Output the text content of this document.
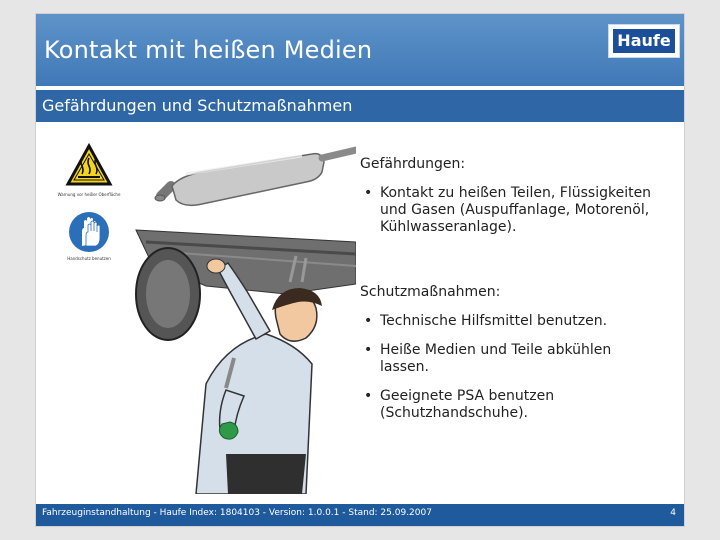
Kontakt mit heißen Medien
Gefährdungen und Schutzmaßnahmen
Warnung vor heißer Oberfläche
Handschutz benutzen
Gefährdungen:
• Kontakt zu heißen Teilen, Flüssigkeiten und Gasen (Auspuffanlage, Motorenöl, Kühlwasseranlage).
Schutzmaßnahmen:
• Technische Hilfsmittel benutzen.
• Heiße Medien und Teile abkühlen lassen.
• Geeignete PSA benutzen (Schutzhandschuhe).
Fahrzeuginstandhaltung - Haufe Index: 1804103 - Version: 1.0.0.1 - Stand: 25.09.2007	4
Haufe
•••
